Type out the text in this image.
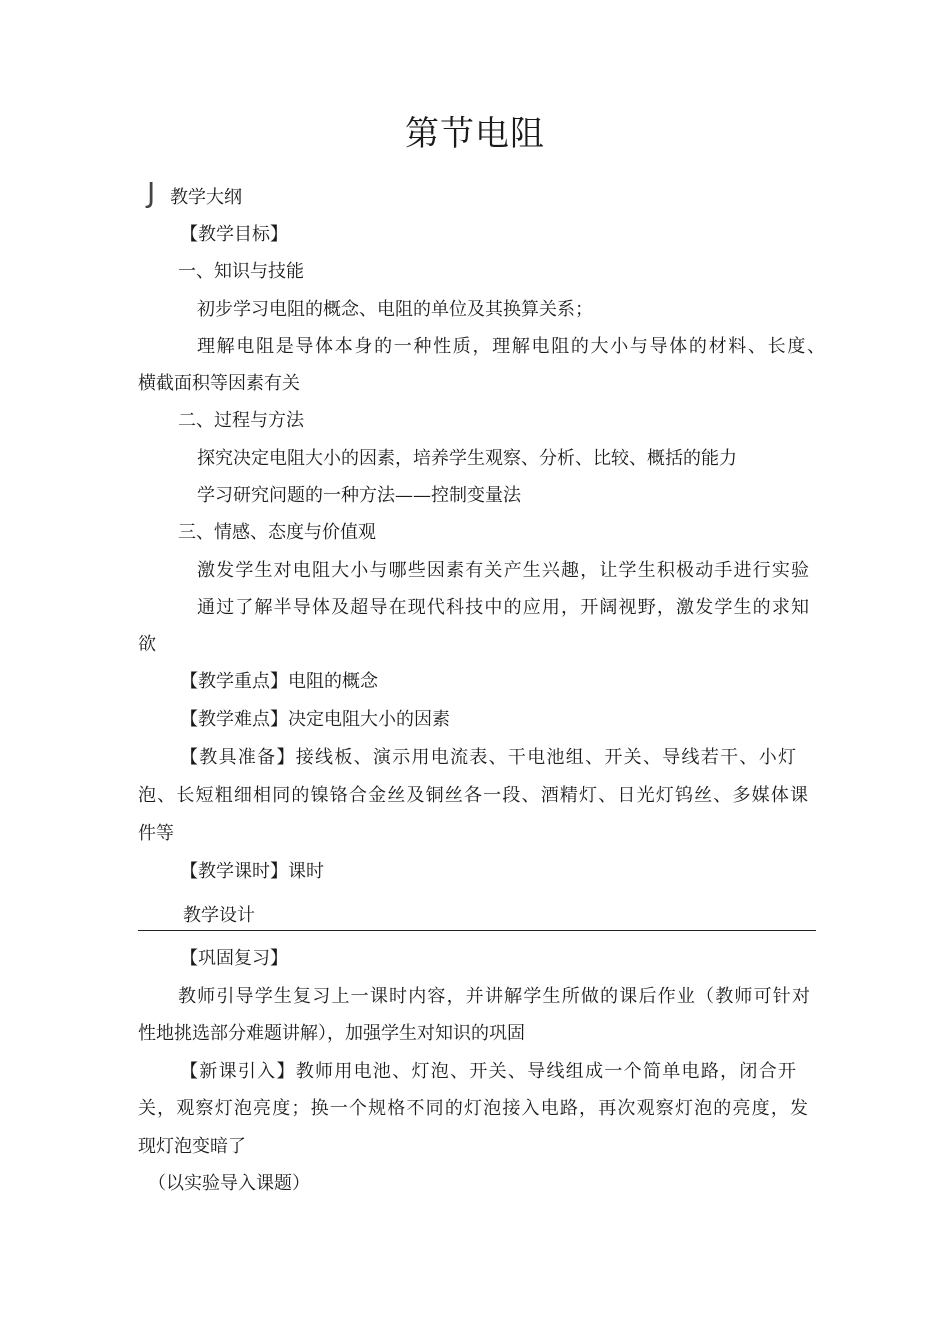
第节电阻
J 教学大纲
【教学目标】
一、知识与技能
初步学习电阻的概念、电阻的单位及其换算关系；
理解电阻是导体本身的一种性质，理解电阻的大小与导体的材料、长度、
横截面积等因素有关
二、过程与方法
探究决定电阻大小的因素，培养学生观察、分析、比较、概括的能力
学习研究问题的一种方法——控制变量法
三、情感、态度与价值观
激发学生对电阻大小与哪些因素有关产生兴趣，让学生积极动手进行实验
通过了解半导体及超导在现代科技中的应用，开阔视野，激发学生的求知
欲
【教学重点】电阻的概念
【教学难点】决定电阻大小的因素
【教具准备】接线板、演示用电流表、干电池组、开关、导线若干、小灯
泡、长短粗细相同的镍铬合金丝及铜丝各一段、酒精灯、日光灯钨丝、多媒体课
件等
【教学课时】课时
教学设计
【巩固复习】
教师引导学生复习上一课时内容，并讲解学生所做的课后作业（教师可针对
性地挑选部分难题讲解），加强学生对知识的巩固
【新课引入】教师用电池、灯泡、开关、导线组成一个简单电路，闭合开
关，观察灯泡亮度；换一个规格不同的灯泡接入电路，再次观察灯泡的亮度，发
现灯泡变暗了
（以实验导入课题）
